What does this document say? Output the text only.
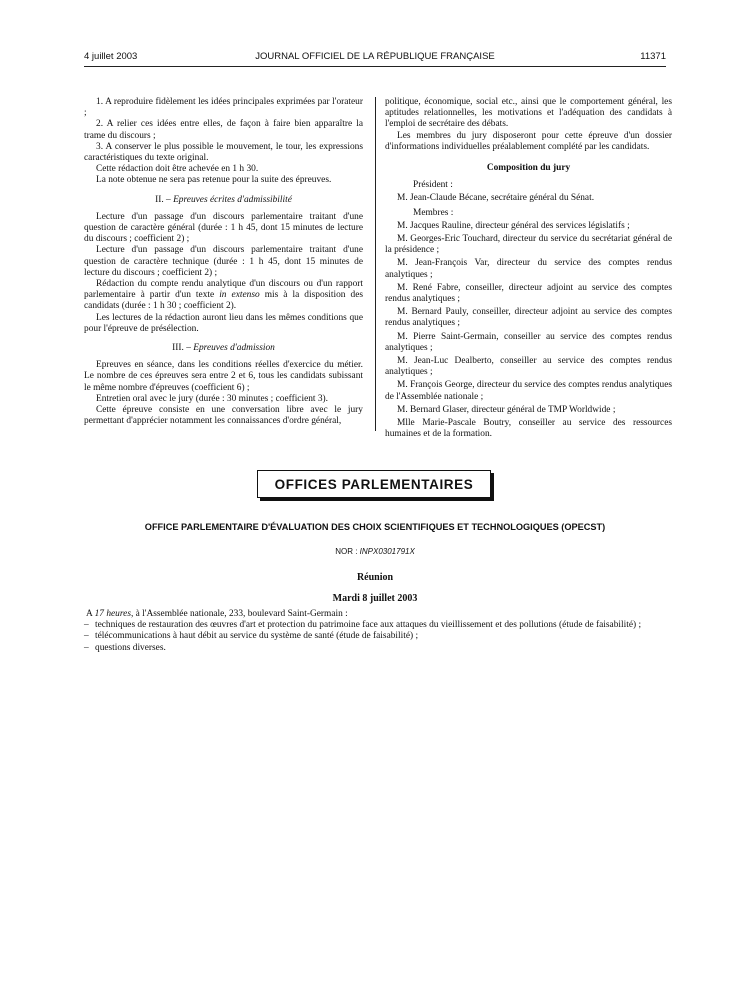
4 juillet 2003	JOURNAL OFFICIEL DE LA RÉPUBLIQUE FRANÇAISE	11371

1. A reproduire fidèlement les idées principales exprimées par l'orateur ;

2. A relier ces idées entre elles, de façon à faire bien apparaître la trame du discours ;

3. A conserver le plus possible le mouvement, le tour, les expressions caractéristiques du texte original.

Cette rédaction doit être achevée en 1 h 30.

La note obtenue ne sera pas retenue pour la suite des épreuves.

II. – Epreuves écrites d'admissibilité

Lecture d'un passage d'un discours parlementaire traitant d'une question de caractère général (durée : 1 h 45, dont 15 minutes de lecture du discours ; coefficient 2) ;

Lecture d'un passage d'un discours parlementaire traitant d'une question de caractère technique (durée : 1 h 45, dont 15 minutes de lecture du discours ; coefficient 2) ;

Rédaction du compte rendu analytique d'un discours ou d'un rapport parlementaire à partir d'un texte in extenso mis à la disposition des candidats (durée : 1 h 30 ; coefficient 2).

Les lectures de la rédaction auront lieu dans les mêmes conditions que pour l'épreuve de présélection.

III. – Epreuves d'admission

Epreuves en séance, dans les conditions réelles d'exercice du métier. Le nombre de ces épreuves sera entre 2 et 6, tous les candidats subissant le même nombre d'épreuves (coefficient 6) ;

Entretien oral avec le jury (durée : 30 minutes ; coefficient 3).

Cette épreuve consiste en une conversation libre avec le jury permettant d'apprécier notamment les connaissances d'ordre général,

politique, économique, social etc., ainsi que le comportement général, les aptitudes relationnelles, les motivations et l'adéquation des candidats à l'emploi de secrétaire des débats.

Les membres du jury disposeront pour cette épreuve d'un dossier d'informations individuelles préalablement complété par les candidats.

Composition du jury

Président :

M. Jean-Claude Bécane, secrétaire général du Sénat.

Membres :

M. Jacques Rauline, directeur général des services législatifs ;

M. Georges-Eric Touchard, directeur du service du secrétariat général de la présidence ;

M. Jean-François Var, directeur du service des comptes rendus analytiques ;

M. René Fabre, conseiller, directeur adjoint au service des comptes rendus analytiques ;

M. Bernard Pauly, conseiller, directeur adjoint au service des comptes rendus analytiques ;

M. Pierre Saint-Germain, conseiller au service des comptes rendus analytiques ;

M. Jean-Luc Dealberto, conseiller au service des comptes rendus analytiques ;

M. François George, directeur du service des comptes rendus analytiques de l'Assemblée nationale ;

M. Bernard Glaser, directeur général de TMP Worldwide ;

Mlle Marie-Pascale Boutry, conseiller au service des ressources humaines et de la formation.

OFFICES PARLEMENTAIRES
OFFICE PARLEMENTAIRE D'ÉVALUATION DES CHOIX SCIENTIFIQUES ET TECHNOLOGIQUES (OPECST)
NOR : INPX0301791X
Réunion
Mardi 8 juillet 2003
A 17 heures, à l'Assemblée nationale, 233, boulevard Saint-Germain :
– techniques de restauration des œuvres d'art et protection du patrimoine face aux attaques du vieillissement et des pollutions (étude de faisabilité) ;
– télécommunications à haut débit au service du système de santé (étude de faisabilité) ;
– questions diverses.
